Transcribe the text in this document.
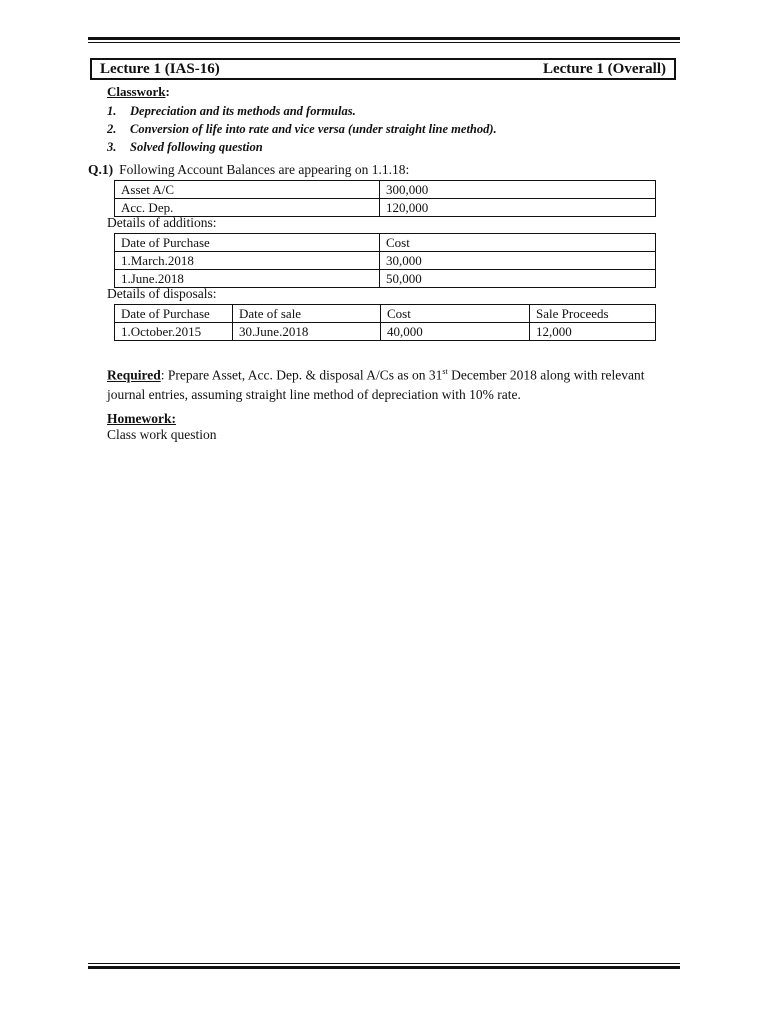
Lecture 1 (IAS-16)	Lecture 1 (Overall)
Classwork:
1. Depreciation and its methods and formulas.
2. Conversion of life into rate and vice versa (under straight line method).
3. Solved following question
Q.1) Following Account Balances are appearing on 1.1.18:
Asset A/C	300,000
Acc. Dep.	120,000
Details of additions:
Date of Purchase	Cost
1.March.2018	30,000
1.June.2018	50,000
Details of disposals:
Date of Purchase	Date of sale	Cost	Sale Proceeds
1.October.2015	30.June.2018	40,000	12,000
Required: Prepare Asset, Acc. Dep. & disposal A/Cs as on 31st December 2018 along with relevant journal entries, assuming straight line method of depreciation with 10% rate.
Homework:
Class work question
